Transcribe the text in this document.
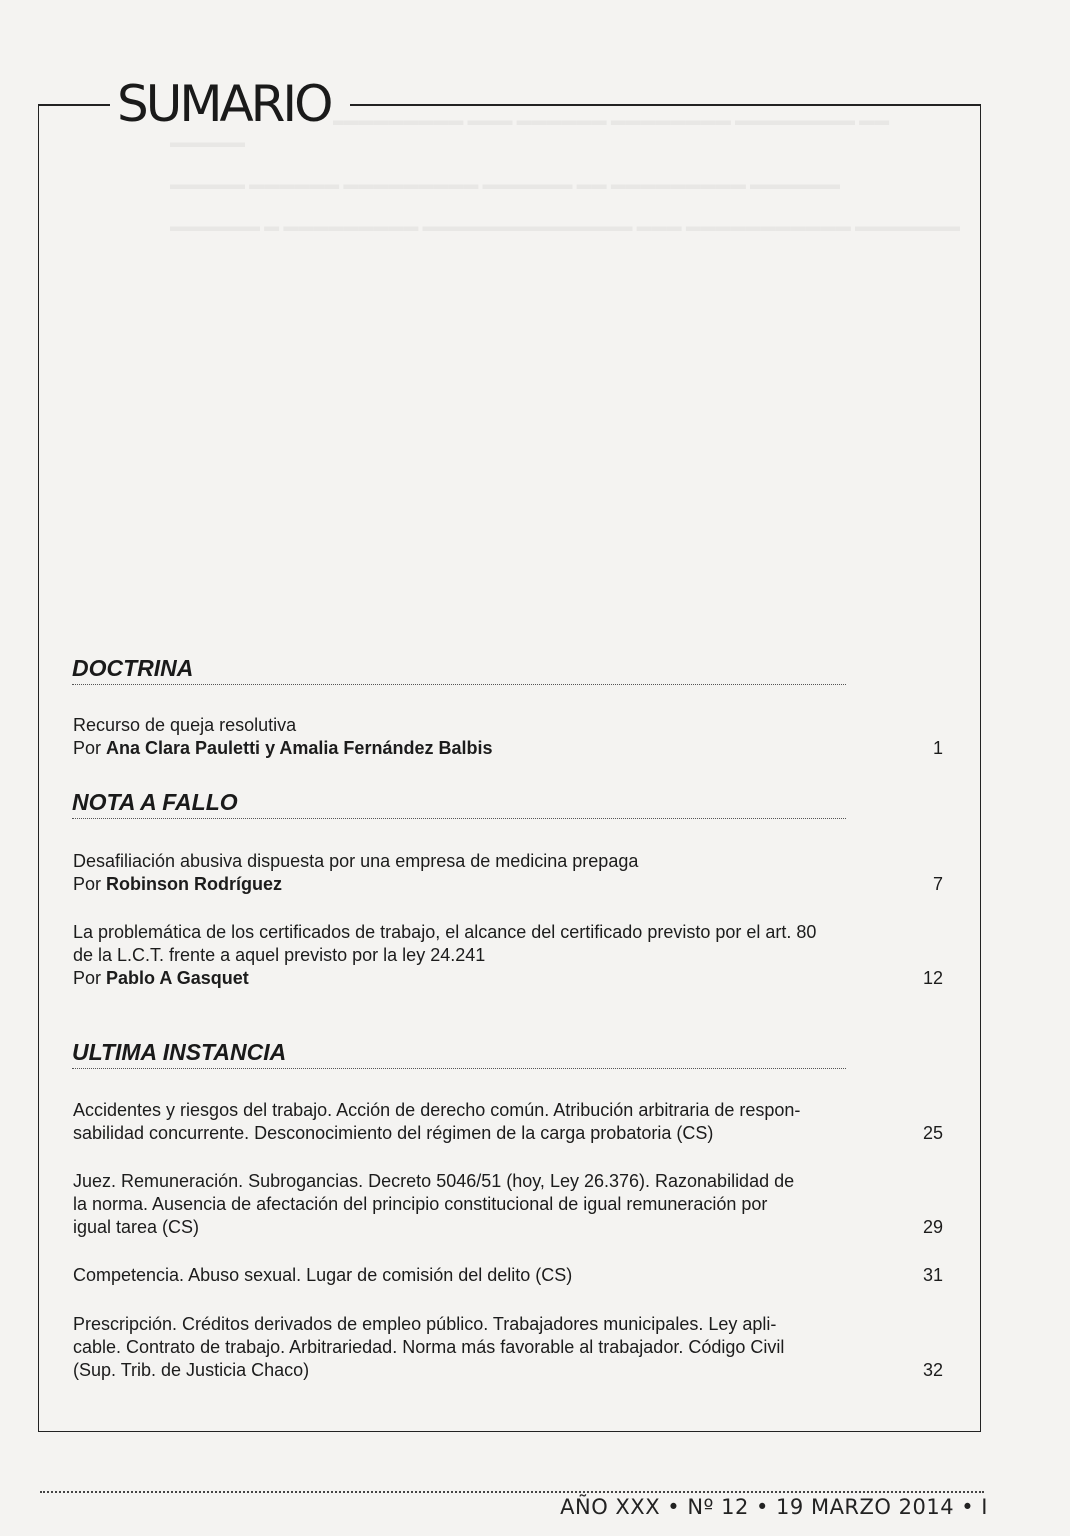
▬▬▬ ▬▬▬▬▬▬ ▬▬▬▬▬▬▬▬▬▬ ▬▬▬ ▬▬▬▬▬▬ ▬▬▬▬▬▬▬▬ ▬▬▬▬▬▬▬▬ ▬▬ ▬▬▬▬▬

▬▬▬▬▬ ▬▬▬▬▬▬ ▬▬▬▬▬▬▬▬▬ ▬▬▬▬▬▬ ▬▬ ▬▬▬▬▬▬▬▬▬ ▬▬▬▬▬▬

▬▬▬▬▬▬ ▬ ▬▬▬▬▬▬▬▬▬ ▬▬▬▬▬▬▬▬▬▬▬▬▬▬ ▬▬▬ ▬▬▬▬▬▬▬▬▬▬▬ ▬▬▬▬▬▬▬

SUMARIO
DOCTRINA
Recurso de queja resolutiva
Por Ana Clara Pauletti y Amalia Fernández Balbis	1
NOTA A FALLO
Desafiliación abusiva dispuesta por una empresa de medicina prepaga
Por Robinson Rodríguez	7
La problemática de los certificados de trabajo, el alcance del certificado previsto por el art. 80
de la L.C.T. frente a aquel previsto por la ley 24.241
Por Pablo A Gasquet	12
ULTIMA INSTANCIA
Accidentes y riesgos del trabajo. Acción de derecho común. Atribución arbitraria de respon-
sabilidad concurrente. Desconocimiento del régimen de la carga probatoria (CS)	25
Juez. Remuneración. Subrogancias. Decreto 5046/51 (hoy, Ley 26.376). Razonabilidad de
la norma. Ausencia de afectación del principio constitucional de igual remuneración por
igual tarea (CS)	29
Competencia. Abuso sexual. Lugar de comisión del delito (CS)	31
Prescripción. Créditos derivados de empleo público. Trabajadores municipales. Ley apli-
cable. Contrato de trabajo. Arbitrariedad. Norma más favorable al trabajador. Código Civil
(Sup. Trib. de Justicia Chaco)	32
AÑO XXX • Nº 12 • 19 MARZO 2014 • I
